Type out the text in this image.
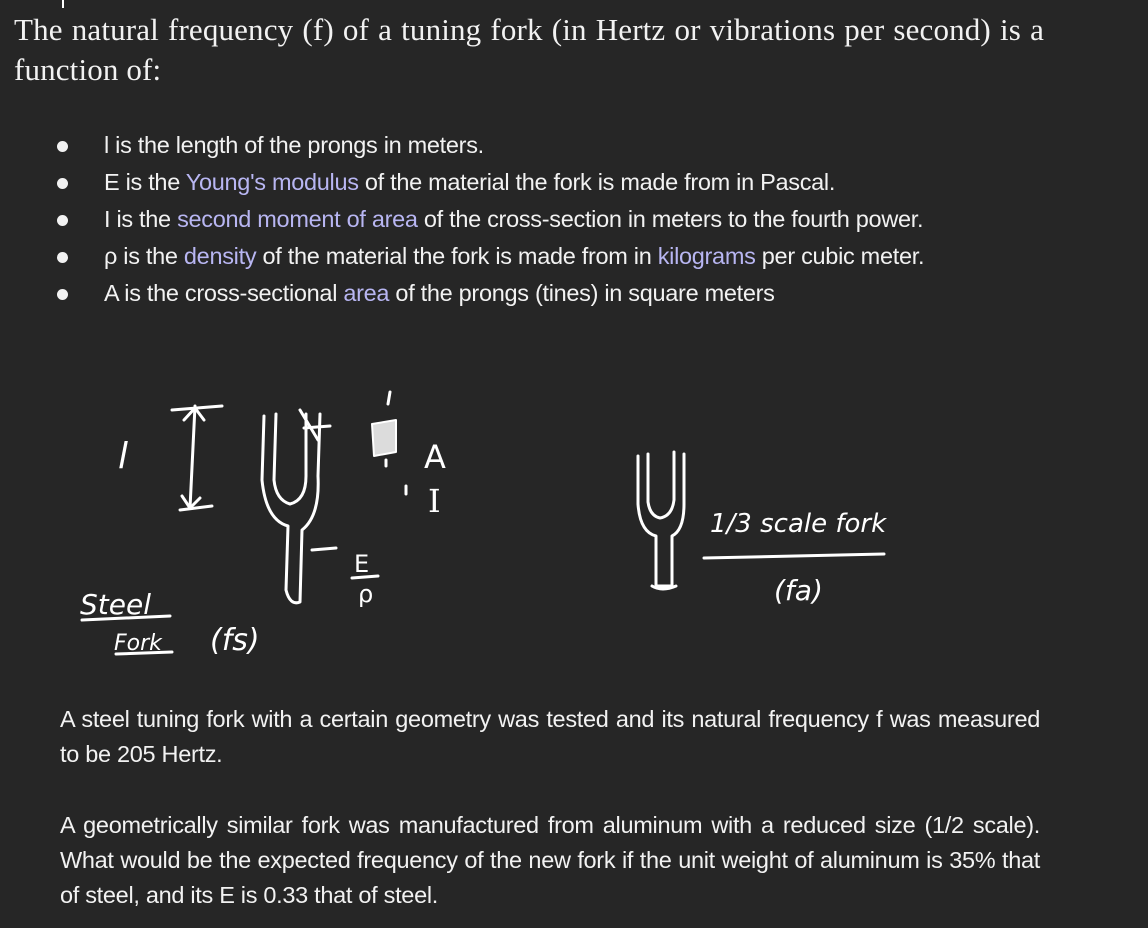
The natural frequency (f) of a tuning fork (in Hertz or vibrations per second) is a function of:

l is the length of the prongs in meters.
E is the Young's modulus of the material the fork is made from in Pascal.
I is the second moment of area of the cross-section in meters to the fourth power.
ρ is the density of the material the fork is made from in kilograms per cubic meter.
A is the cross-sectional area of the prongs (tines) in square meters
l	A
I
E
ρ
Steel
Fork (fs)
1/3 scale fork
(fa)

A steel tuning fork with a certain geometry was tested and its natural frequency f was measured to be 205 Hertz.

A geometrically similar fork was manufactured from aluminum with a reduced size (1/2 scale). What would be the expected frequency of the new fork if the unit weight of aluminum is 35% that of steel, and its E is 0.33 that of steel.
